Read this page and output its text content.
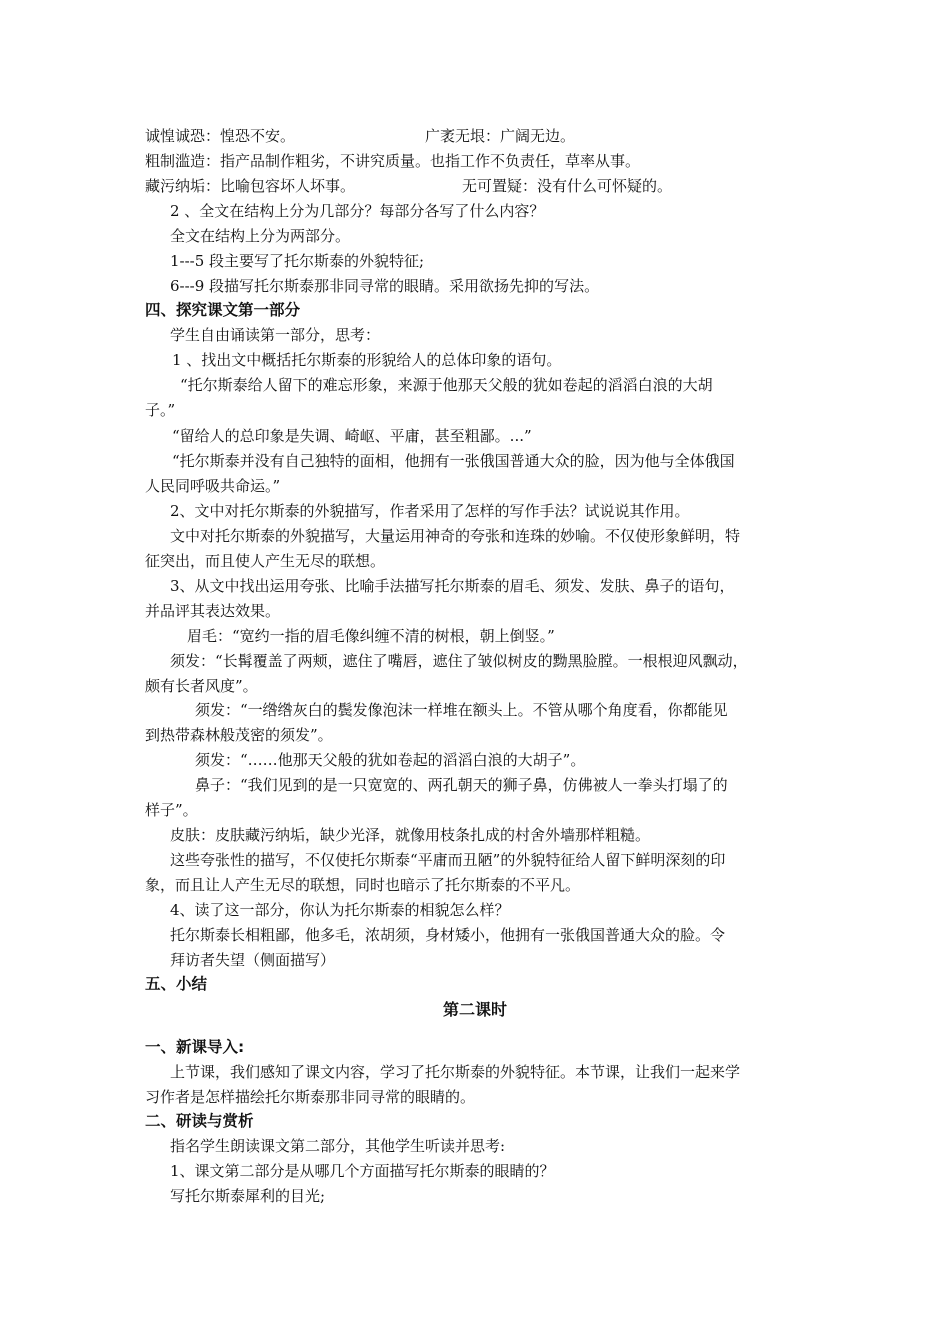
诚惶诚恐：惶恐不安。	广袤无垠：广阔无边。
粗制滥造：指产品制作粗劣，不讲究质量。也指工作不负责任，草率从事。
藏污纳垢：比喻包容坏人坏事。	无可置疑：没有什么可怀疑的。
2 、全文在结构上分为几部分？每部分各写了什么内容？
全文在结构上分为两部分。
1---5 段主要写了托尔斯泰的外貌特征;
6---9 段描写托尔斯泰那非同寻常的眼睛。采用欲扬先抑的写法。
四、探究课文第一部分
学生自由诵读第一部分，思考：
1 、找出文中概括托尔斯泰的形貌给人的总体印象的语句。
“托尔斯泰给人留下的难忘形象，来源于他那天父般的犹如卷起的滔滔白浪的大胡
子。”
“留给人的总印象是失调、崎岖、平庸，甚至粗鄙。...”
“托尔斯泰并没有自己独特的面相，他拥有一张俄国普通大众的脸，因为他与全体俄国
人民同呼吸共命运。”
2、文中对托尔斯泰的外貌描写，作者采用了怎样的写作手法？试说说其作用。
文中对托尔斯泰的外貌描写，大量运用神奇的夸张和连珠的妙喻。不仅使形象鲜明，特
征突出，而且使人产生无尽的联想。
3、从文中找出运用夸张、比喻手法描写托尔斯泰的眉毛、须发、发肤、鼻子的语句，
并品评其表达效果。
眉毛：“宽约一指的眉毛像纠缠不清的树根，朝上倒竖。”
须发：“长髯覆盖了两颊，遮住了嘴唇，遮住了皱似树皮的黝黑脸膛。一根根迎风飘动，
颇有长者风度”。
须发：“一绺绺灰白的鬓发像泡沫一样堆在额头上。不管从哪个角度看，你都能见
到热带森林般茂密的须发”。
须发：“……他那天父般的犹如卷起的滔滔白浪的大胡子”。
鼻子：“我们见到的是一只宽宽的、两孔朝天的狮子鼻，仿佛被人一拳头打塌了的
样子”。
皮肤：皮肤藏污纳垢，缺少光泽，就像用枝条扎成的村舍外墙那样粗糙。
这些夸张性的描写，不仅使托尔斯泰“平庸而丑陋”的外貌特征给人留下鲜明深刻的印
象，而且让人产生无尽的联想，同时也暗示了托尔斯泰的不平凡。
4、读了这一部分，你认为托尔斯泰的相貌怎么样？
托尔斯泰长相粗鄙，他多毛，浓胡须，身材矮小，他拥有一张俄国普通大众的脸。令
拜访者失望（侧面描写）
五、小结
第二课时
一、新课导入:
上节课，我们感知了课文内容，学习了托尔斯泰的外貌特征。本节课，让我们一起来学
习作者是怎样描绘托尔斯泰那非同寻常的眼睛的。
二、研读与赏析
指名学生朗读课文第二部分，其他学生听读并思考:
1、课文第二部分是从哪几个方面描写托尔斯泰的眼睛的？
写托尔斯泰犀利的目光;
